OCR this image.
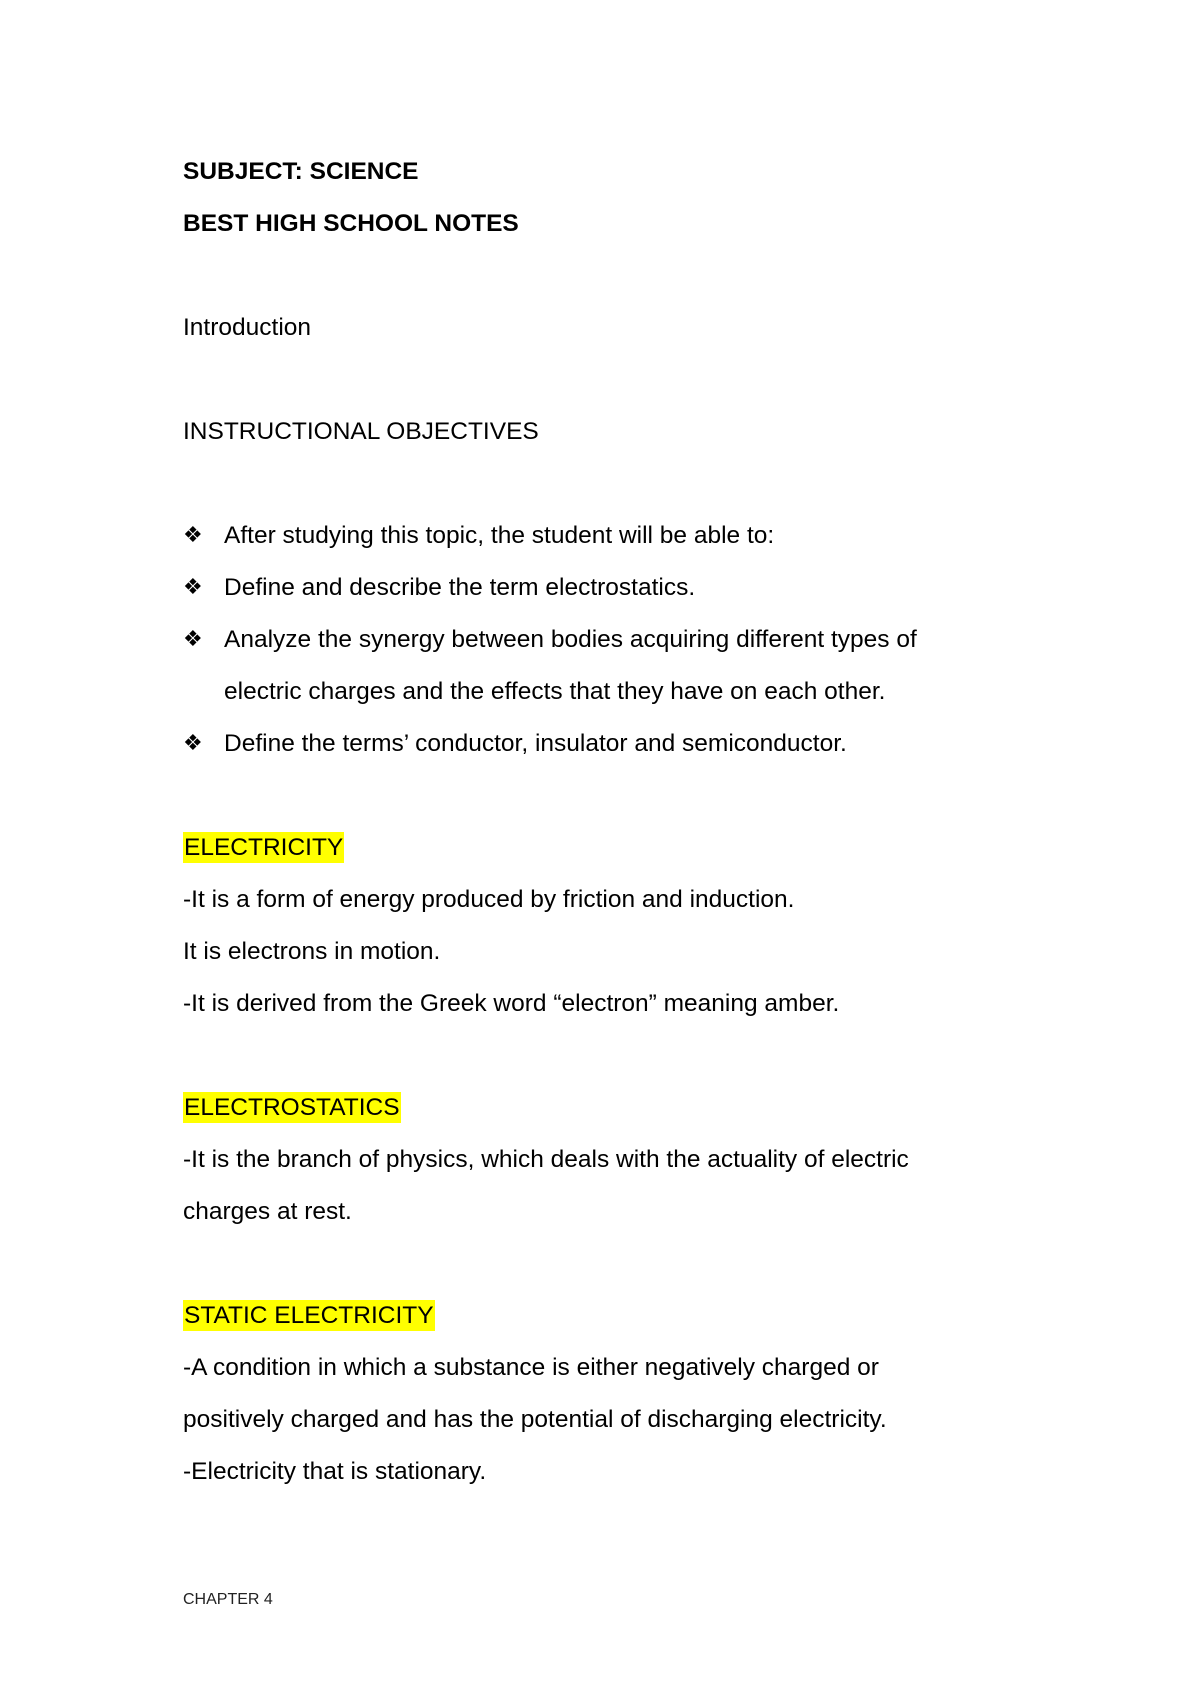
SUBJECT: SCIENCE
BEST HIGH SCHOOL NOTES
Introduction
INSTRUCTIONAL OBJECTIVES
❖ After studying this topic, the student will be able to:
❖ Define and describe the term electrostatics.
❖ Analyze the synergy between bodies acquiring different types of
electric charges and the effects that they have on each other.
❖ Define the terms’ conductor, insulator and semiconductor.
ELECTRICITY
-It is a form of energy produced by friction and induction.
It is electrons in motion.
-It is derived from the Greek word “electron” meaning amber.
ELECTROSTATICS
-It is the branch of physics, which deals with the actuality of electric
charges at rest.
STATIC ELECTRICITY
-A condition in which a substance is either negatively charged or
positively charged and has the potential of discharging electricity.
-Electricity that is stationary.
CHAPTER 4
